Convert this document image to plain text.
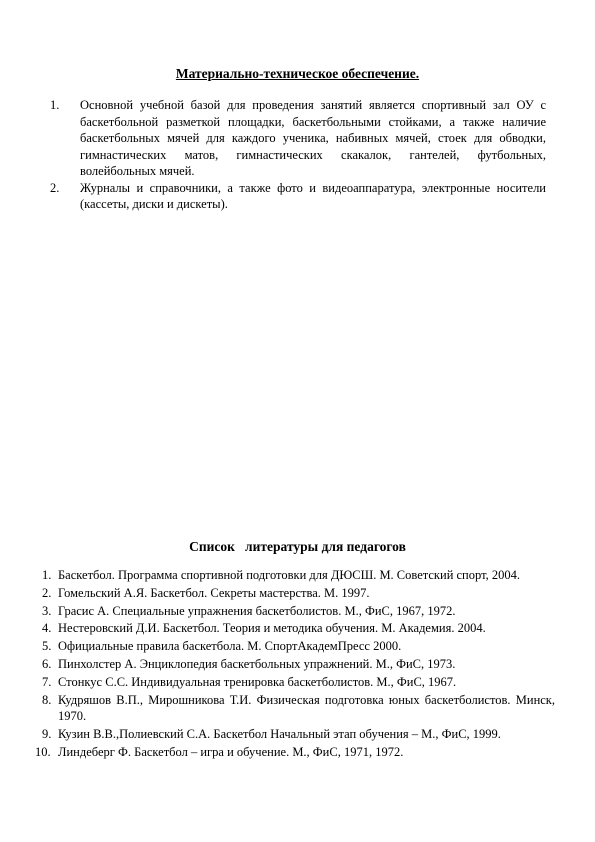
Материально-техническое обеспечение.
1. Основной учебной базой для проведения занятий является спортивный зал ОУ с баскетбольной разметкой площадки, баскетбольными стойками, а также наличие баскетбольных мячей для каждого ученика, набивных мячей, стоек для обводки, гимнастических матов, гимнастических скакалок, гантелей, футбольных, волейбольных мячей.
2. Журналы и справочники, а также фото и видеоаппаратура, электронные носители (кассеты, диски и дискеты).
Список   литературы для педагогов
1. Баскетбол. Программа спортивной подготовки для ДЮСШ. М. Советский спорт, 2004.
2. Гомельский А.Я. Баскетбол. Секреты мастерства. М. 1997.
3. Грасис А. Специальные упражнения баскетболистов. М., ФиС, 1967, 1972.
4. Нестеровский Д.И. Баскетбол. Теория и методика обучения. М. Академия. 2004.
5. Официальные правила баскетбола. М. СпортАкадемПресс 2000.
6. Пинхолстер А. Энциклопедия баскетбольных упражнений. М., ФиС, 1973.
7. Стонкус С.С. Индивидуальная тренировка баскетболистов. М., ФиС, 1967.
8. Кудряшов В.П., Мирошникова Т.И. Физическая подготовка юных баскетболистов. Минск, 1970.
9. Кузин В.В.,Полиевский С.А. Баскетбол Начальный этап обучения – М., ФиС, 1999.
10. Линдеберг Ф. Баскетбол – игра и обучение. М., ФиС, 1971, 1972.
